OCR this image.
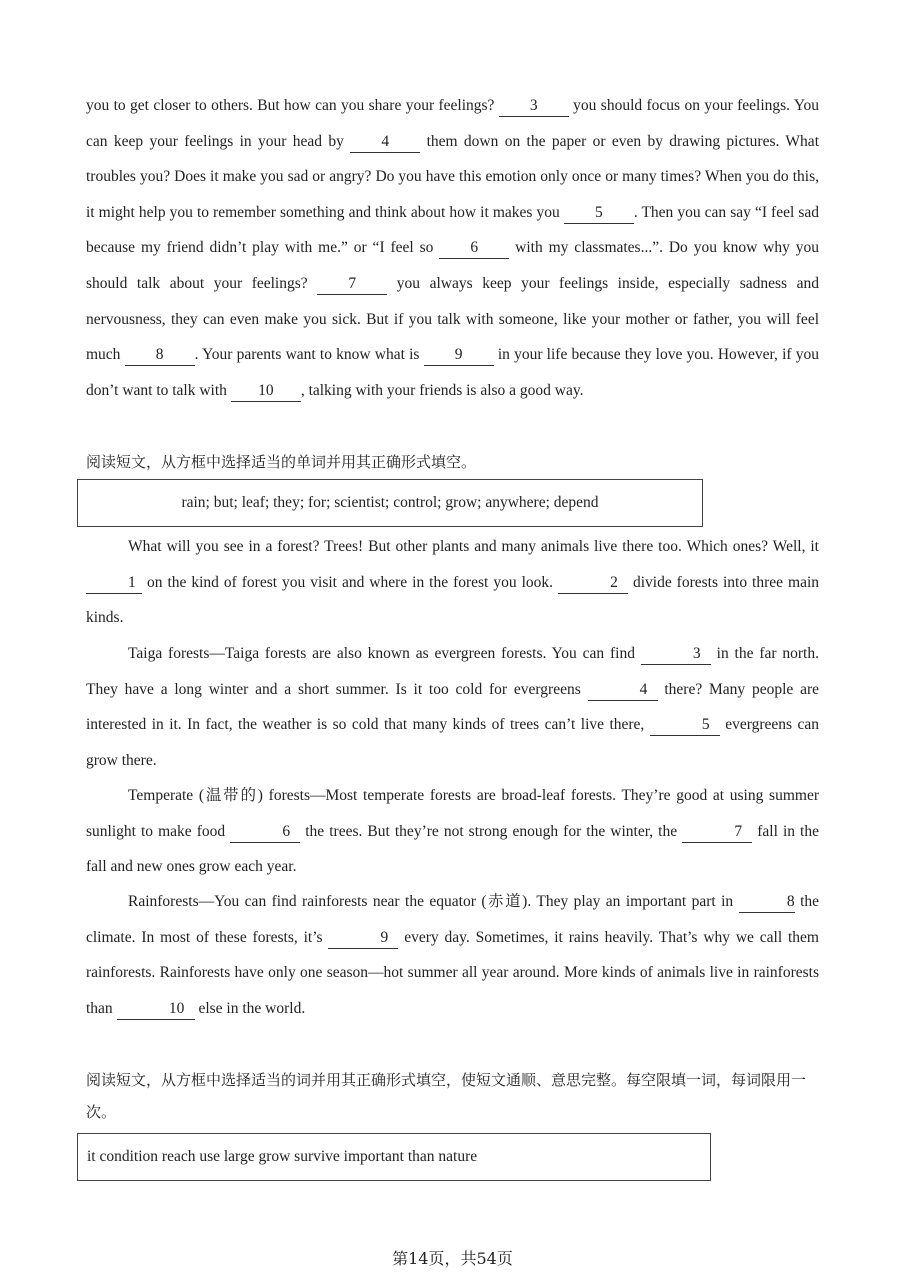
you to get closer to others. But how can you share your feelings? 3 you should focus on your feelings. You can keep your feelings in your head by 4 them down on the paper or even by drawing pictures. What troubles you? Does it make you sad or angry? Do you have this emotion only once or many times? When you do this, it might help you to remember something and think about how it makes you 5 . Then you can say “I feel sad because my friend didn’t play with me.” or “I feel so 6 with my classmates...”. Do you know why you should talk about your feelings? 7 you always keep your feelings inside, especially sadness and nervousness, they can even make you sick. But if you talk with someone, like your mother or father, you will feel much 8 . Your parents want to know what is 9 in your life because they love you. However, if you don’t want to talk with 10 , talking with your friends is also a good way.

阅读短文，从方框中选择适当的单词并用其正确形式填空。

rain; but; leaf; they; for; scientist; control; grow; anywhere; depend

What will you see in a forest? Trees! But other plants and many animals live there too. Which ones? Well, it 1 on the kind of forest you visit and where in the forest you look.	2 divide forests into three main kinds.

Taiga forests—Taiga forests are also known as evergreen forests. You can find	3 in the far north. They have a long winter and a short summer. Is it too cold for evergreens	4 there? Many people are interested in it. In fact, the weather is so cold that many kinds of trees can’t live there,	5 evergreens can grow there.

Temperate (温带的) forests—Most temperate forests are broad-leaf forests. They’re good at using summer sunlight to make food	6 the trees. But they’re not strong enough for the winter, the	7 fall in the fall and new ones grow each year.

Rainforests—You can find rainforests near the equator (赤道). They play an important part in	8 the climate. In most of these forests, it’s	9 every day. Sometimes, it rains heavily. That’s why we call them rainforests. Rainforests have only one season—hot summer all year around. More kinds of animals live in rainforests than	10 else in the world.

阅读短文，从方框中选择适当的词并用其正确形式填空，使短文通顺、意思完整。每空限填一词，每词限用一次。

it condition reach use large grow survive important than nature
第14页，共54页
